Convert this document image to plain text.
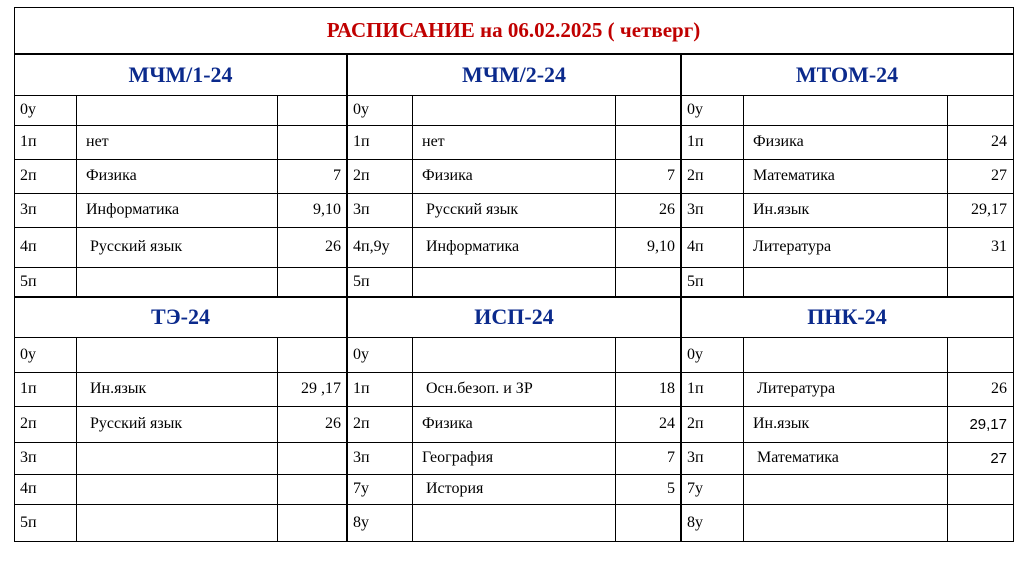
РАСПИСАНИЕ на 06.02.2025 ( четверг)
МЧМ/1-24
0у
1п	нет
2п	Физика	7
3п	Информатика	9,10
4п	Русский язык	26
5п
МЧМ/2-24
0у
1п	нет
2п	Физика	7
3п	Русский язык	26
4п,9у	Информатика	9,10
5п
МТОМ-24
0у
1п	Физика	24
2п	Математика	27
3п	Ин.язык	29,17
4п	Литература	31
5п
ТЭ-24
0у
1п	Ин.язык	29 ,17
2п	Русский язык	26
3п
4п
5п
ИСП-24
0у
1п	Осн.безоп. и ЗР	18
2п	Физика	24
3п	География	7
7у	История	5
8у
ПНК-24
0у
1п	Литература	26
2п	Ин.язык	29,17
3п	Математика	27
7у
8у
